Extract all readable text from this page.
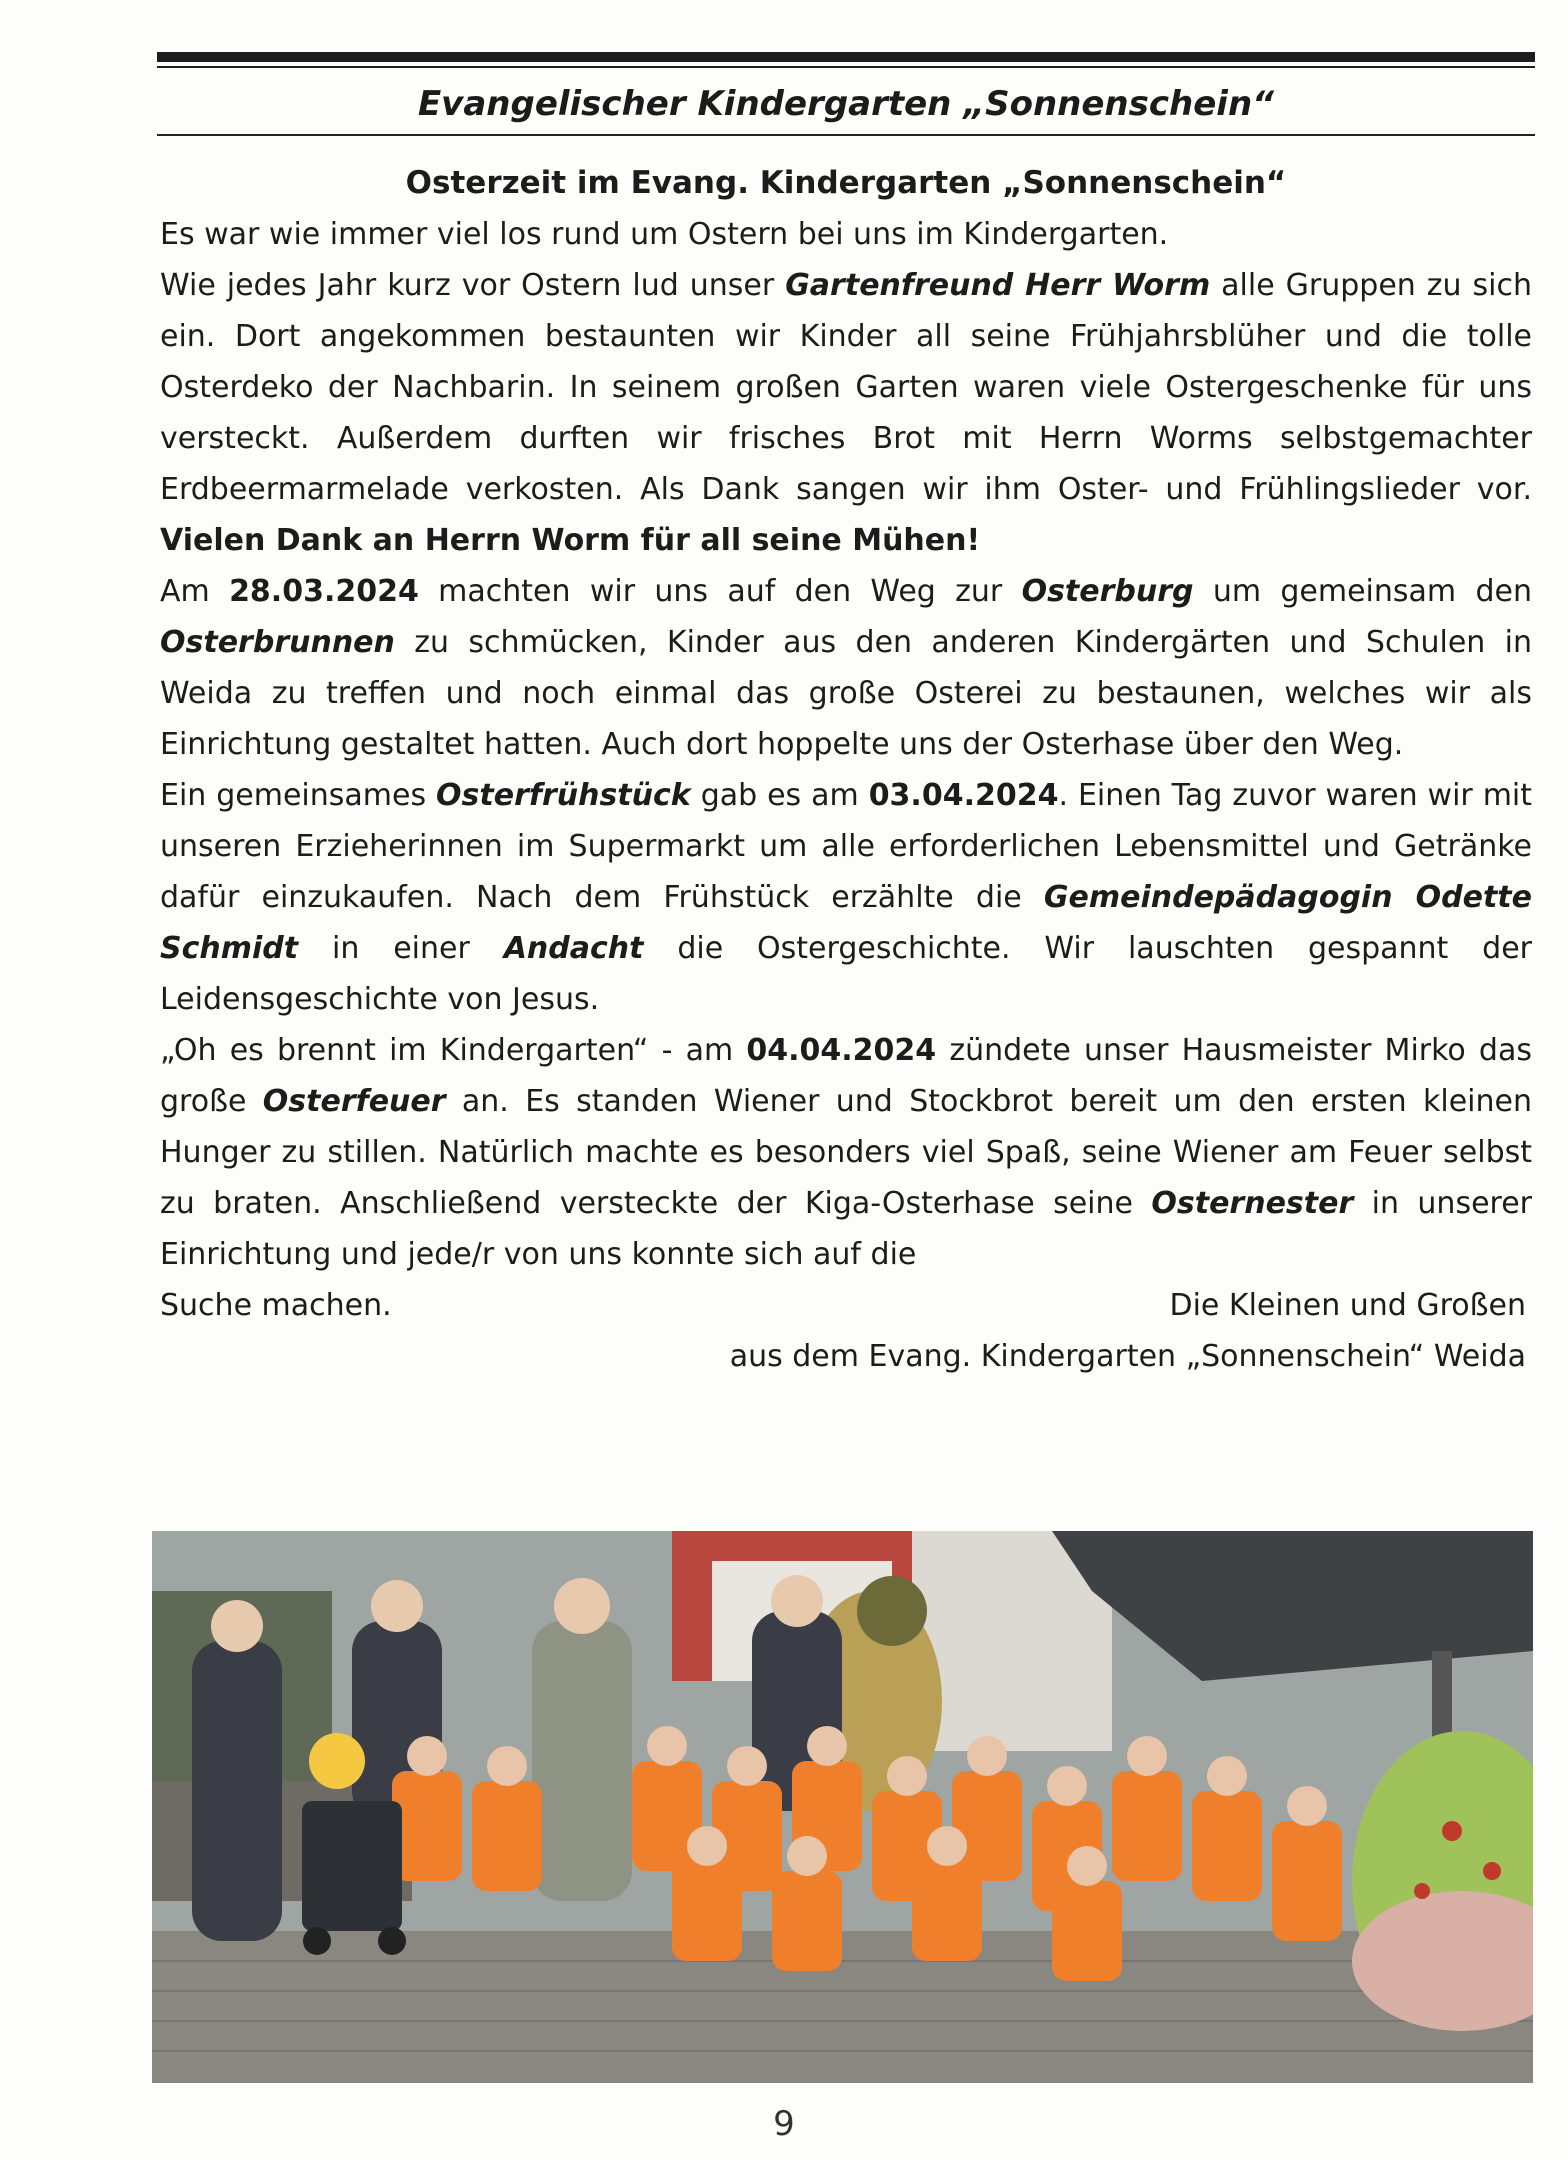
Evangelischer Kindergarten „Sonnenschein“
Osterzeit im Evang. Kindergarten „Sonnenschein“

Es war wie immer viel los rund um Ostern bei uns im Kindergarten.

Wie jedes Jahr kurz vor Ostern lud unser Gartenfreund Herr Worm alle Gruppen zu sich ein. Dort angekommen bestaunten wir Kinder all seine Frühjahrsblüher und die tolle Osterdeko der Nachbarin. In seinem großen Garten waren viele Ostergeschenke für uns versteckt. Außerdem durften wir frisches Brot mit Herrn Worms selbstgemachter Erdbeermarmelade verkosten. Als Dank sangen wir ihm Oster- und Frühlingslieder vor. Vielen Dank an Herrn Worm für all seine Mühen!

Am 28.03.2024 machten wir uns auf den Weg zur Osterburg um gemeinsam den Osterbrunnen zu schmücken, Kinder aus den anderen Kindergärten und Schulen in Weida zu treffen und noch einmal das große Osterei zu bestaunen, welches wir als Einrichtung gestaltet hatten. Auch dort hoppelte uns der Osterhase über den Weg.

Ein gemeinsames Osterfrühstück gab es am 03.04.2024. Einen Tag zuvor waren wir mit unseren Erzieherinnen im Supermarkt um alle erforderlichen Lebensmittel und Getränke dafür einzukaufen. Nach dem Frühstück erzählte die Gemeindepädagogin Odette Schmidt in einer Andacht die Ostergeschichte. Wir lauschten gespannt der Leidensgeschichte von Jesus.

„Oh es brennt im Kindergarten“ - am 04.04.2024 zündete unser Hausmeister Mirko das große Osterfeuer an. Es standen Wiener und Stockbrot bereit um den ersten kleinen Hunger zu stillen. Natürlich machte es besonders viel Spaß, seine Wiener am Feuer selbst zu braten. Anschließend versteckte der Kiga-Osterhase seine Osternester in unserer Einrichtung und jede/r von uns konnte sich auf die

Suche machen.	Die Kleinen und Großen
aus dem Evang. Kindergarten „Sonnenschein“ Weida
9
